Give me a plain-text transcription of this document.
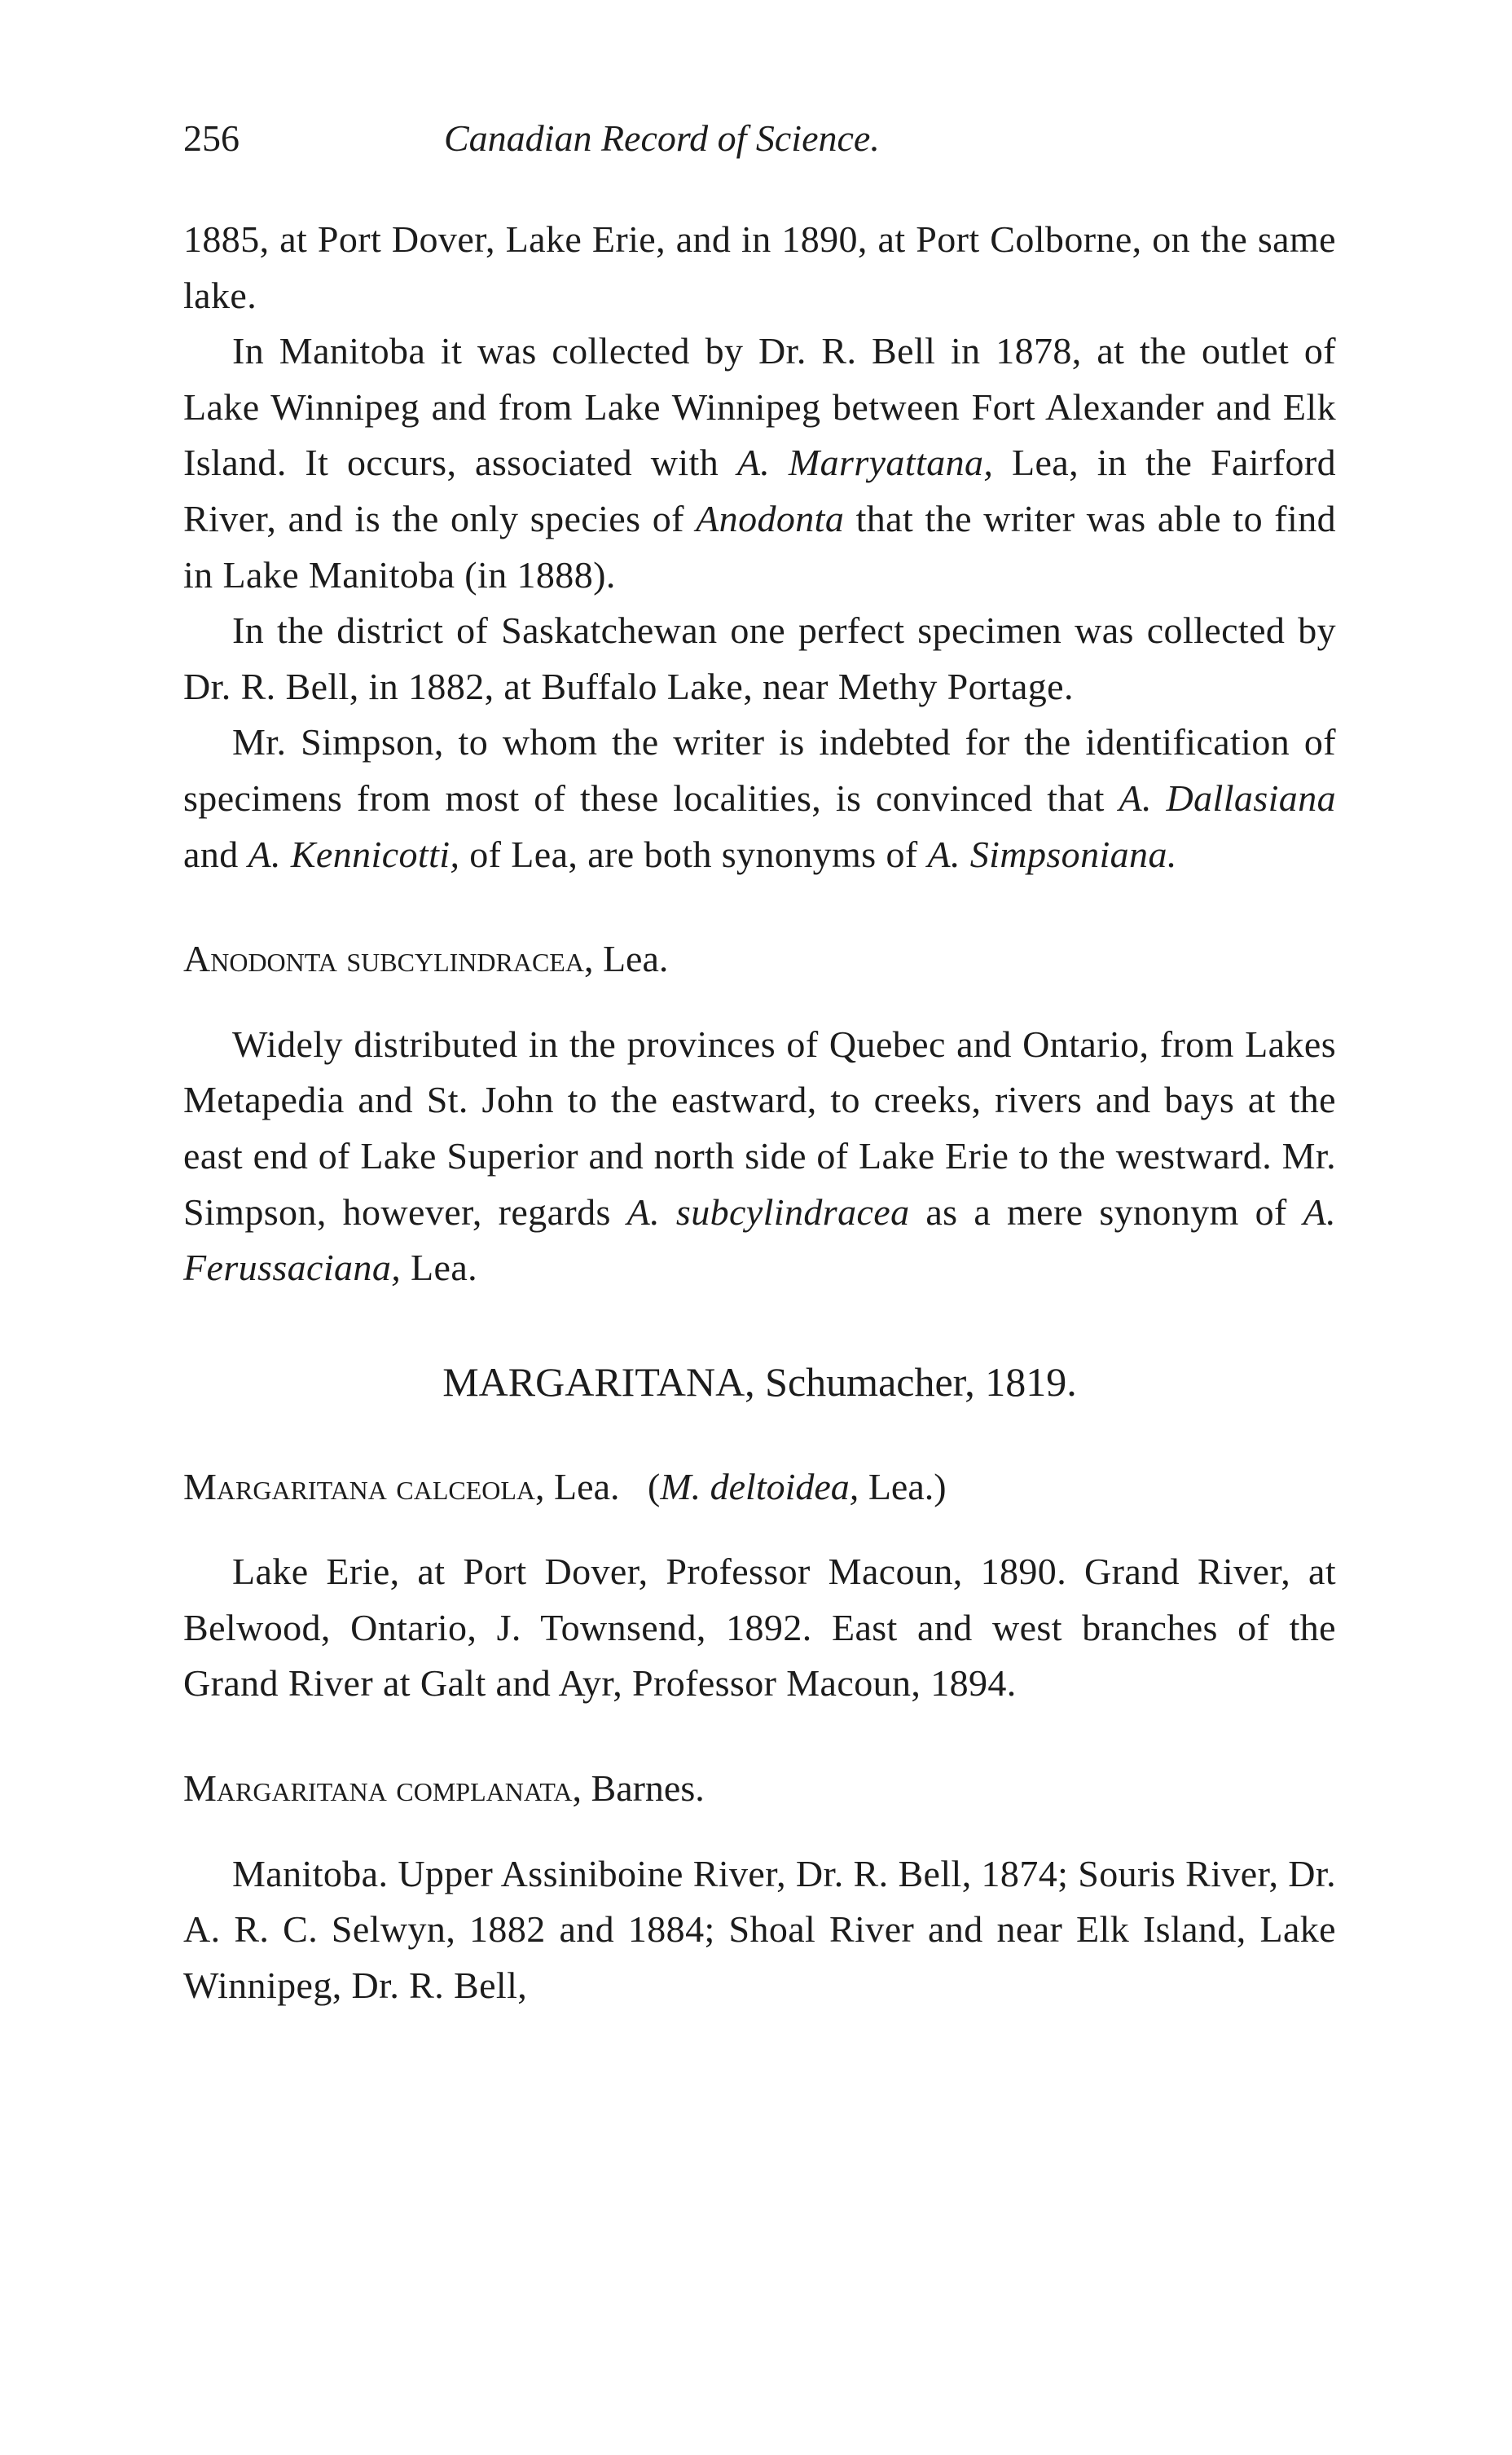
256	Canadian Record of Science.

1885, at Port Dover, Lake Erie, and in 1890, at Port Colborne, on the same lake.

In Manitoba it was collected by Dr. R. Bell in 1878, at the outlet of Lake Winnipeg and from Lake Winnipeg between Fort Alexander and Elk Island. It occurs, associated with A. Marryattana, Lea, in the Fairford River, and is the only species of Anodonta that the writer was able to find in Lake Manitoba (in 1888).

In the district of Saskatchewan one perfect specimen was collected by Dr. R. Bell, in 1882, at Buffalo Lake, near Methy Portage.

Mr. Simpson, to whom the writer is indebted for the identification of specimens from most of these localities, is convinced that A. Dallasiana and A. Kennicotti, of Lea, are both synonyms of A. Simpsoniana.

Anodonta subcylindracea, Lea.

Widely distributed in the provinces of Quebec and Ontario, from Lakes Metapedia and St. John to the eastward, to creeks, rivers and bays at the east end of Lake Superior and north side of Lake Erie to the westward. Mr. Simpson, however, regards A. subcylindracea as a mere synonym of A. Ferussaciana, Lea.

MARGARITANA, Schumacher, 1819.
Margaritana calceola, Lea. (M. deltoidea, Lea.)

Lake Erie, at Port Dover, Professor Macoun, 1890. Grand River, at Belwood, Ontario, J. Townsend, 1892. East and west branches of the Grand River at Galt and Ayr, Professor Macoun, 1894.

Margaritana complanata, Barnes.

Manitoba. Upper Assiniboine River, Dr. R. Bell, 1874; Souris River, Dr. A. R. C. Selwyn, 1882 and 1884; Shoal River and near Elk Island, Lake Winnipeg, Dr. R. Bell,
